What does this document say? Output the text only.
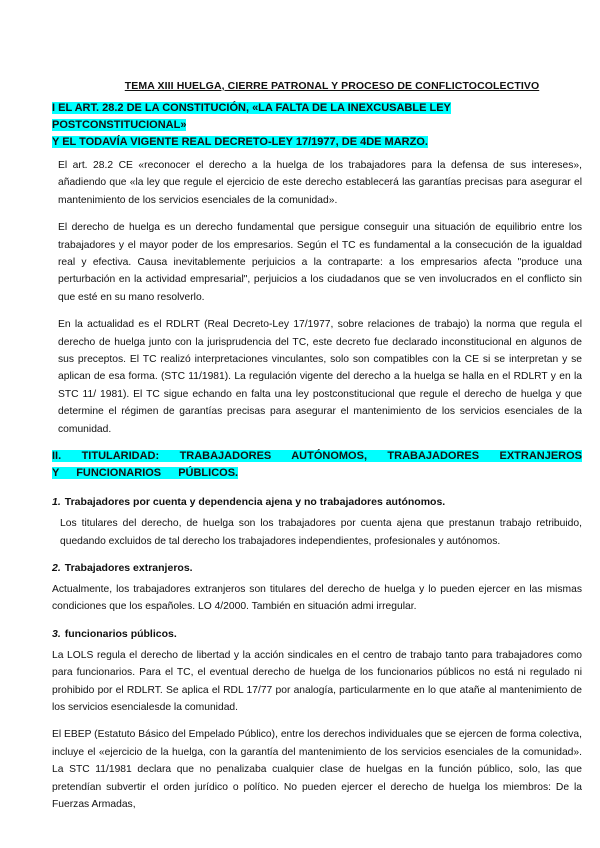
TEMA XIII HUELGA, CIERRE PATRONAL Y PROCESO DE CONFLICTOCOLECTIVO
I EL ART. 28.2 DE LA CONSTITUCIÓN, «LA FALTA DE LA INEXCUSABLE LEY POSTCONSTITUCIONAL»
Y EL TODAVÍA VIGENTE REAL DECRETO-LEY 17/1977, DE 4DE MARZO.

El art. 28.2 CE «reconocer el derecho a la huelga de los trabajadores para la defensa de sus intereses», añadiendo que «la ley que regule el ejercicio de este derecho establecerá las garantías precisas para asegurar el mantenimiento de los servicios esenciales de la comunidad».

El derecho de huelga es un derecho fundamental que persigue conseguir una situación de equilibrio entre los trabajadores y el mayor poder de los empresarios. Según el TC es fundamental a la consecución de la igualdad real y efectiva. Causa inevitablemente perjuicios a la contraparte: a los empresarios afecta "produce una perturbación en la actividad empresarial", perjuicios a los ciudadanos que se ven involucrados en el conflicto sin que esté en su mano resolverlo.

En la actualidad es el RDLRT (Real Decreto-Ley 17/1977, sobre relaciones de trabajo) la norma que regula el derecho de huelga junto con la jurisprudencia del TC, este decreto fue declarado inconstitucional en algunos de sus preceptos. El TC realizó interpretaciones vinculantes, solo son compatibles con la CE si se interpretan y se aplican de esa forma. (STC 11/1981). La regulación vigente del derecho a la huelga se halla en el RDLRT y en la STC 11/ 1981). El TC sigue echando en falta una ley postconstitucional que regule el derecho de huelga y que determine el régimen de garantías precisas para asegurar el mantenimiento de los servicios esenciales de la comunidad.

II. TITULARIDAD: TRABAJADORES AUTÓNOMOS, TRABAJADORES EXTRANJEROS Y FUNCIONARIOS PÚBLICOS.
1. Trabajadores por cuenta y dependencia ajena y no trabajadores autónomos.

Los titulares del derecho, de huelga son los trabajadores por cuenta ajena que prestanun trabajo retribuido, quedando excluidos de tal derecho los trabajadores independientes, profesionales y autónomos.

2. Trabajadores extranjeros.

Actualmente, los trabajadores extranjeros son titulares del derecho de huelga y lo pueden ejercer en las mismas condiciones que los españoles. LO 4/2000. También en situación admi irregular.

3. funcionarios públicos.

La LOLS regula el derecho de libertad y la acción sindicales en el centro de trabajo tanto para trabajadores como para funcionarios. Para el TC, el eventual derecho de huelga de los funcionarios públicos no está ni regulado ni prohibido por el RDLRT. Se aplica el RDL 17/77 por analogía, particularmente en lo que atañe al mantenimiento de los servicios esencialesde la comunidad.

El EBEP (Estatuto Básico del Empelado Público), entre los derechos individuales que se ejercen de forma colectiva, incluye el «ejercicio de la huelga, con la garantía del mantenimiento de los servicios esenciales de la comunidad». La STC 11/1981 declara que no penalizaba cualquier clase de huelgas en la función público, solo, las que pretendían subvertir el orden jurídico o político. No pueden ejercer el derecho de huelga los miembros: De la Fuerzas Armadas,
